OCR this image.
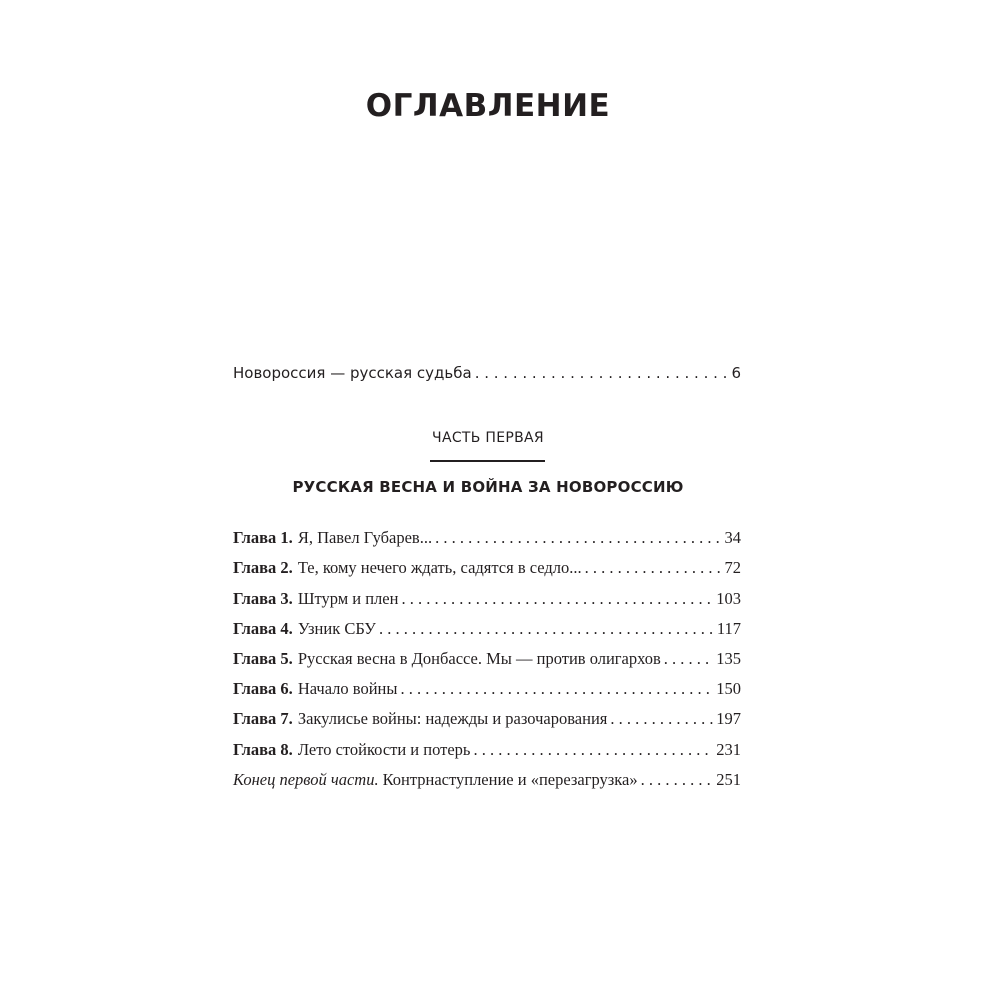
ОГЛАВЛЕНИЕ
Новороссия — русская судьба . . .	6
ЧАСТЬ ПЕРВАЯ
РУССКАЯ ВЕСНА И ВОЙНА ЗА НОВОРОССИЮ
Глава 1. Я, Павел Губарев... . . .	34
Глава 2. Те, кому нечего ждать, садятся в седло... . . .	72
Глава 3. Штурм и плен . . .	103
Глава 4. Узник СБУ . . .	117
Глава 5. Русская весна в Донбассе. Мы — против олигархов . . .	135
Глава 6. Начало войны . . .	150
Глава 7. Закулисье войны: надежды и разочарования . . .	197
Глава 8. Лето стойкости и потерь . . .	231
Конец первой части. Контрнаступление и «перезагрузка» . . .	251
